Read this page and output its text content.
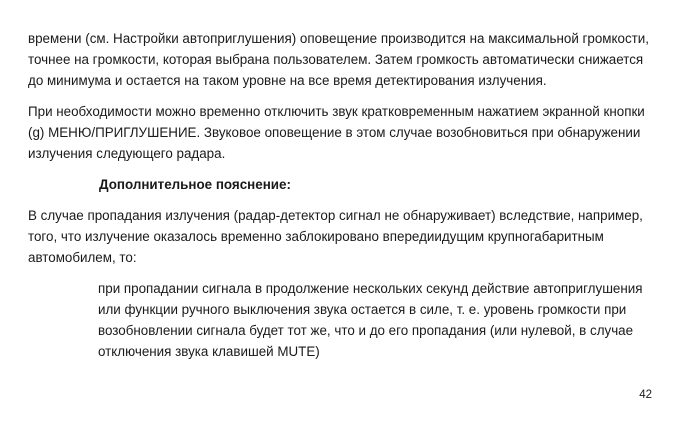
времени (см. Настройки автоприглушения) оповещение производится на максимальной громкости, точнее на громкости, которая выбрана пользователем. Затем громкость автоматически снижается до минимума и остается на таком уровне на все время детектирования излучения.

При необходимости можно временно отключить звук кратковременным нажатием экранной кнопки (g) МЕНЮ/ПРИГЛУШЕНИЕ. Звуковое оповещение в этом случае возобновиться при обнаружении излучения следующего радара.

Дополнительное пояснение:

В случае пропадания излучения (радар-детектор сигнал не обнаруживает) вследствие, например, того, что излучение оказалось временно заблокировано впередиидущим крупногабаритным автомобилем, то:

при пропадании сигнала в продолжение нескольких секунд действие автоприглушения или функции ручного выключения звука остается в силе, т. е. уровень громкости при возобновлении сигнала будет тот же, что и до его пропадания (или нулевой, в случае отключения звука клавишей MUTE)

42
